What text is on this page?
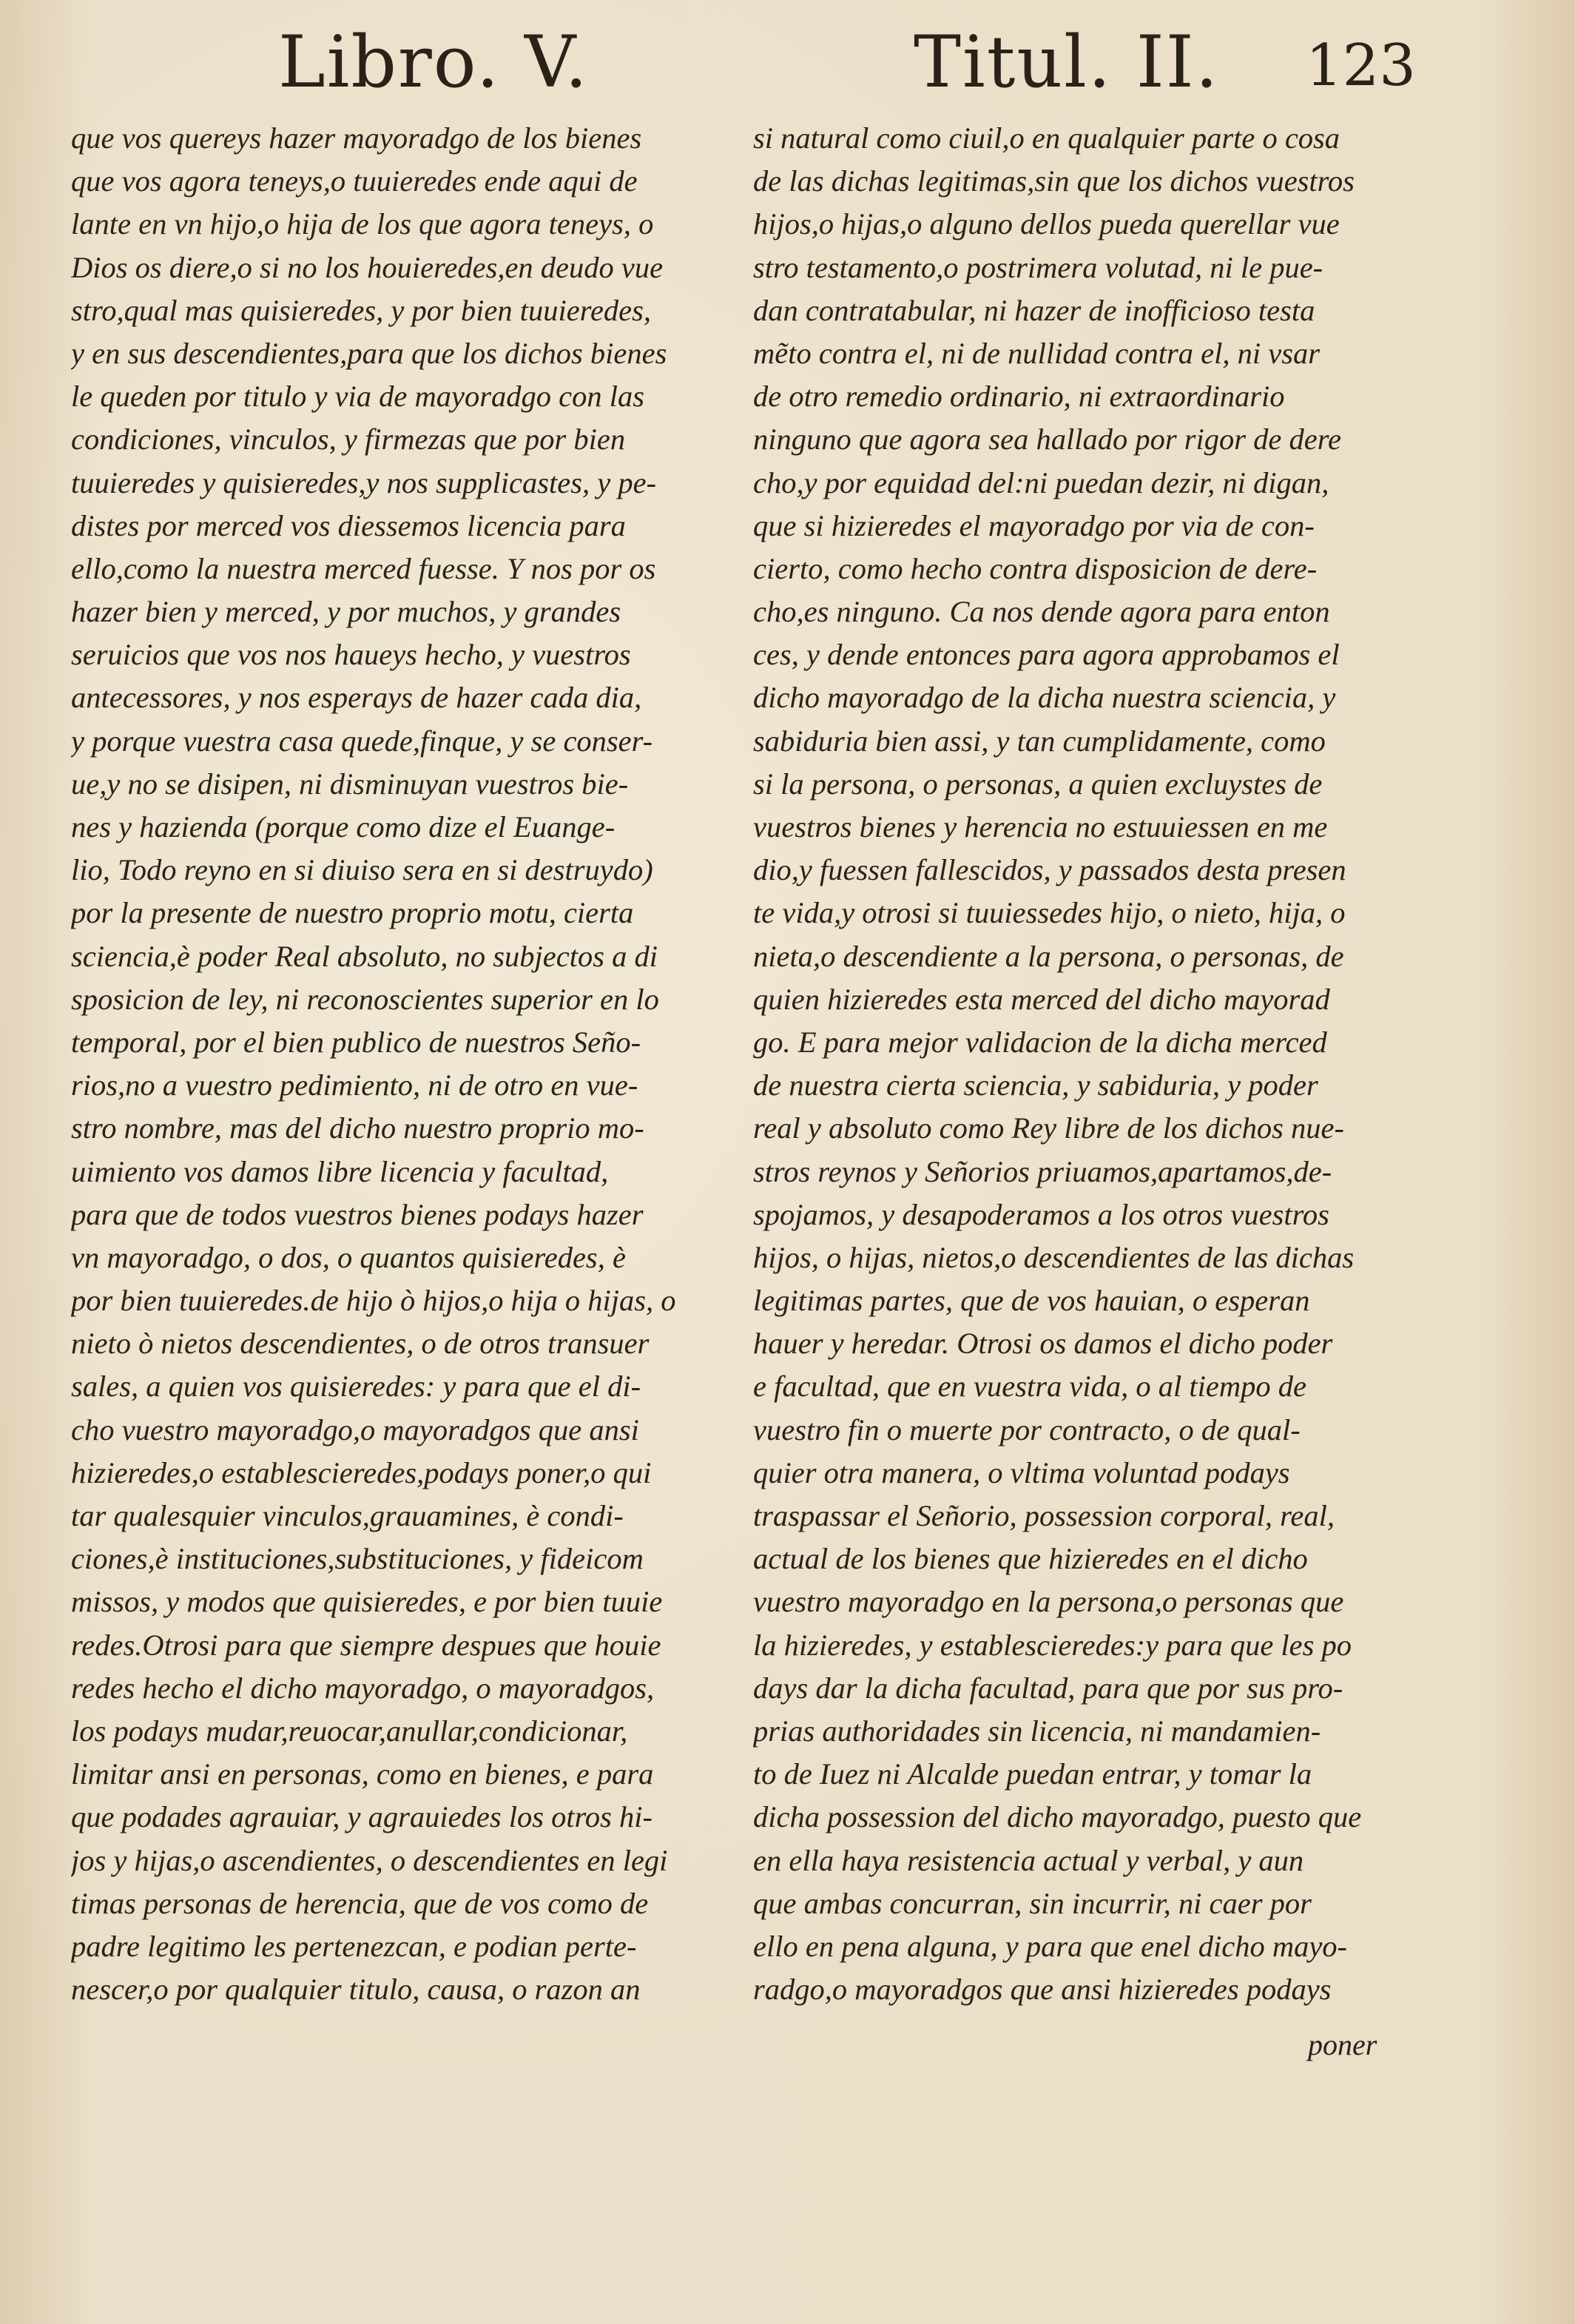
Libro. V.	Titul. II. 123
que vos quereys hazer mayoradgo de los bienes
que vos agora teneys,o tuuieredes ende aqui de
lante en vn hijo,o hija de los que agora teneys, o
Dios os diere,o si no los houieredes,en deudo vue
stro,qual mas quisieredes, y por bien tuuieredes,
y en sus descendientes,para que los dichos bienes
le queden por titulo y via de mayoradgo con las
condiciones, vinculos, y firmezas que por bien
tuuieredes y quisieredes,y nos supplicastes, y pe-
distes por merced vos diessemos licencia para
ello,como la nuestra merced fuesse. Y nos por os
hazer bien y merced, y por muchos, y grandes
seruicios que vos nos haueys hecho, y vuestros
antecessores, y nos esperays de hazer cada dia,
y porque vuestra casa quede,finque, y se conser-
ue,y no se disipen, ni disminuyan vuestros bie-
nes y hazienda (porque como dize el Euange-
lio, Todo reyno en si diuiso sera en si destruydo)
por la presente de nuestro proprio motu, cierta
sciencia,è poder Real absoluto, no subjectos a di
sposicion de ley, ni reconoscientes superior en lo
temporal, por el bien publico de nuestros Seño-
rios,no a vuestro pedimiento, ni de otro en vue-
stro nombre, mas del dicho nuestro proprio mo-
uimiento vos damos libre licencia y facultad,
para que de todos vuestros bienes podays hazer
vn mayoradgo, o dos, o quantos quisieredes, è
por bien tuuieredes.de hijo ò hijos,o hija o hijas, o
nieto ò nietos descendientes, o de otros transuer
sales, a quien vos quisieredes: y para que el di-
cho vuestro mayoradgo,o mayoradgos que ansi
hizieredes,o establescieredes,podays poner,o qui
tar qualesquier vinculos,grauamines, è condi-
ciones,è instituciones,substituciones, y fideicom
missos, y modos que quisieredes, e por bien tuuie
redes.Otrosi para que siempre despues que houie
redes hecho el dicho mayoradgo, o mayoradgos,
los podays mudar,reuocar,anullar,condicionar,
limitar ansi en personas, como en bienes, e para
que podades agrauiar, y agrauiedes los otros hi-
jos y hijas,o ascendientes, o descendientes en legi
timas personas de herencia, que de vos como de
padre legitimo les pertenezcan, e podian perte-
nescer,o por qualquier titulo, causa, o razon an
si natural como ciuil,o en qualquier parte o cosa
de las dichas legitimas,sin que los dichos vuestros
hijos,o hijas,o alguno dellos pueda querellar vue
stro testamento,o postrimera volutad, ni le pue-
dan contratabular, ni hazer de inofficioso testa
mẽto contra el, ni de nullidad contra el, ni vsar
de otro remedio ordinario, ni extraordinario
ninguno que agora sea hallado por rigor de dere
cho,y por equidad del:ni puedan dezir, ni digan,
que si hizieredes el mayoradgo por via de con-
cierto, como hecho contra disposicion de dere-
cho,es ninguno. Ca nos dende agora para enton
ces, y dende entonces para agora approbamos el
dicho mayoradgo de la dicha nuestra sciencia, y
sabiduria bien assi, y tan cumplidamente, como
si la persona, o personas, a quien excluystes de
vuestros bienes y herencia no estuuiessen en me
dio,y fuessen fallescidos, y passados desta presen
te vida,y otrosi si tuuiessedes hijo, o nieto, hija, o
nieta,o descendiente a la persona, o personas, de
quien hizieredes esta merced del dicho mayorad
go. E para mejor validacion de la dicha merced
de nuestra cierta sciencia, y sabiduria, y poder
real y absoluto como Rey libre de los dichos nue-
stros reynos y Señorios priuamos,apartamos,de-
spojamos, y desapoderamos a los otros vuestros
hijos, o hijas, nietos,o descendientes de las dichas
legitimas partes, que de vos hauian, o esperan
hauer y heredar. Otrosi os damos el dicho poder
e facultad, que en vuestra vida, o al tiempo de
vuestro fin o muerte por contracto, o de qual-
quier otra manera, o vltima voluntad podays
traspassar el Señorio, possession corporal, real,
actual de los bienes que hizieredes en el dicho
vuestro mayoradgo en la persona,o personas que
la hizieredes, y establescieredes:y para que les po
days dar la dicha facultad, para que por sus pro-
prias authoridades sin licencia, ni mandamien-
to de Iuez ni Alcalde puedan entrar, y tomar la
dicha possession del dicho mayoradgo, puesto que
en ella haya resistencia actual y verbal, y aun
que ambas concurran, sin incurrir, ni caer por
ello en pena alguna, y para que enel dicho mayo-
radgo,o mayoradgos que ansi hizieredes podays
poner
